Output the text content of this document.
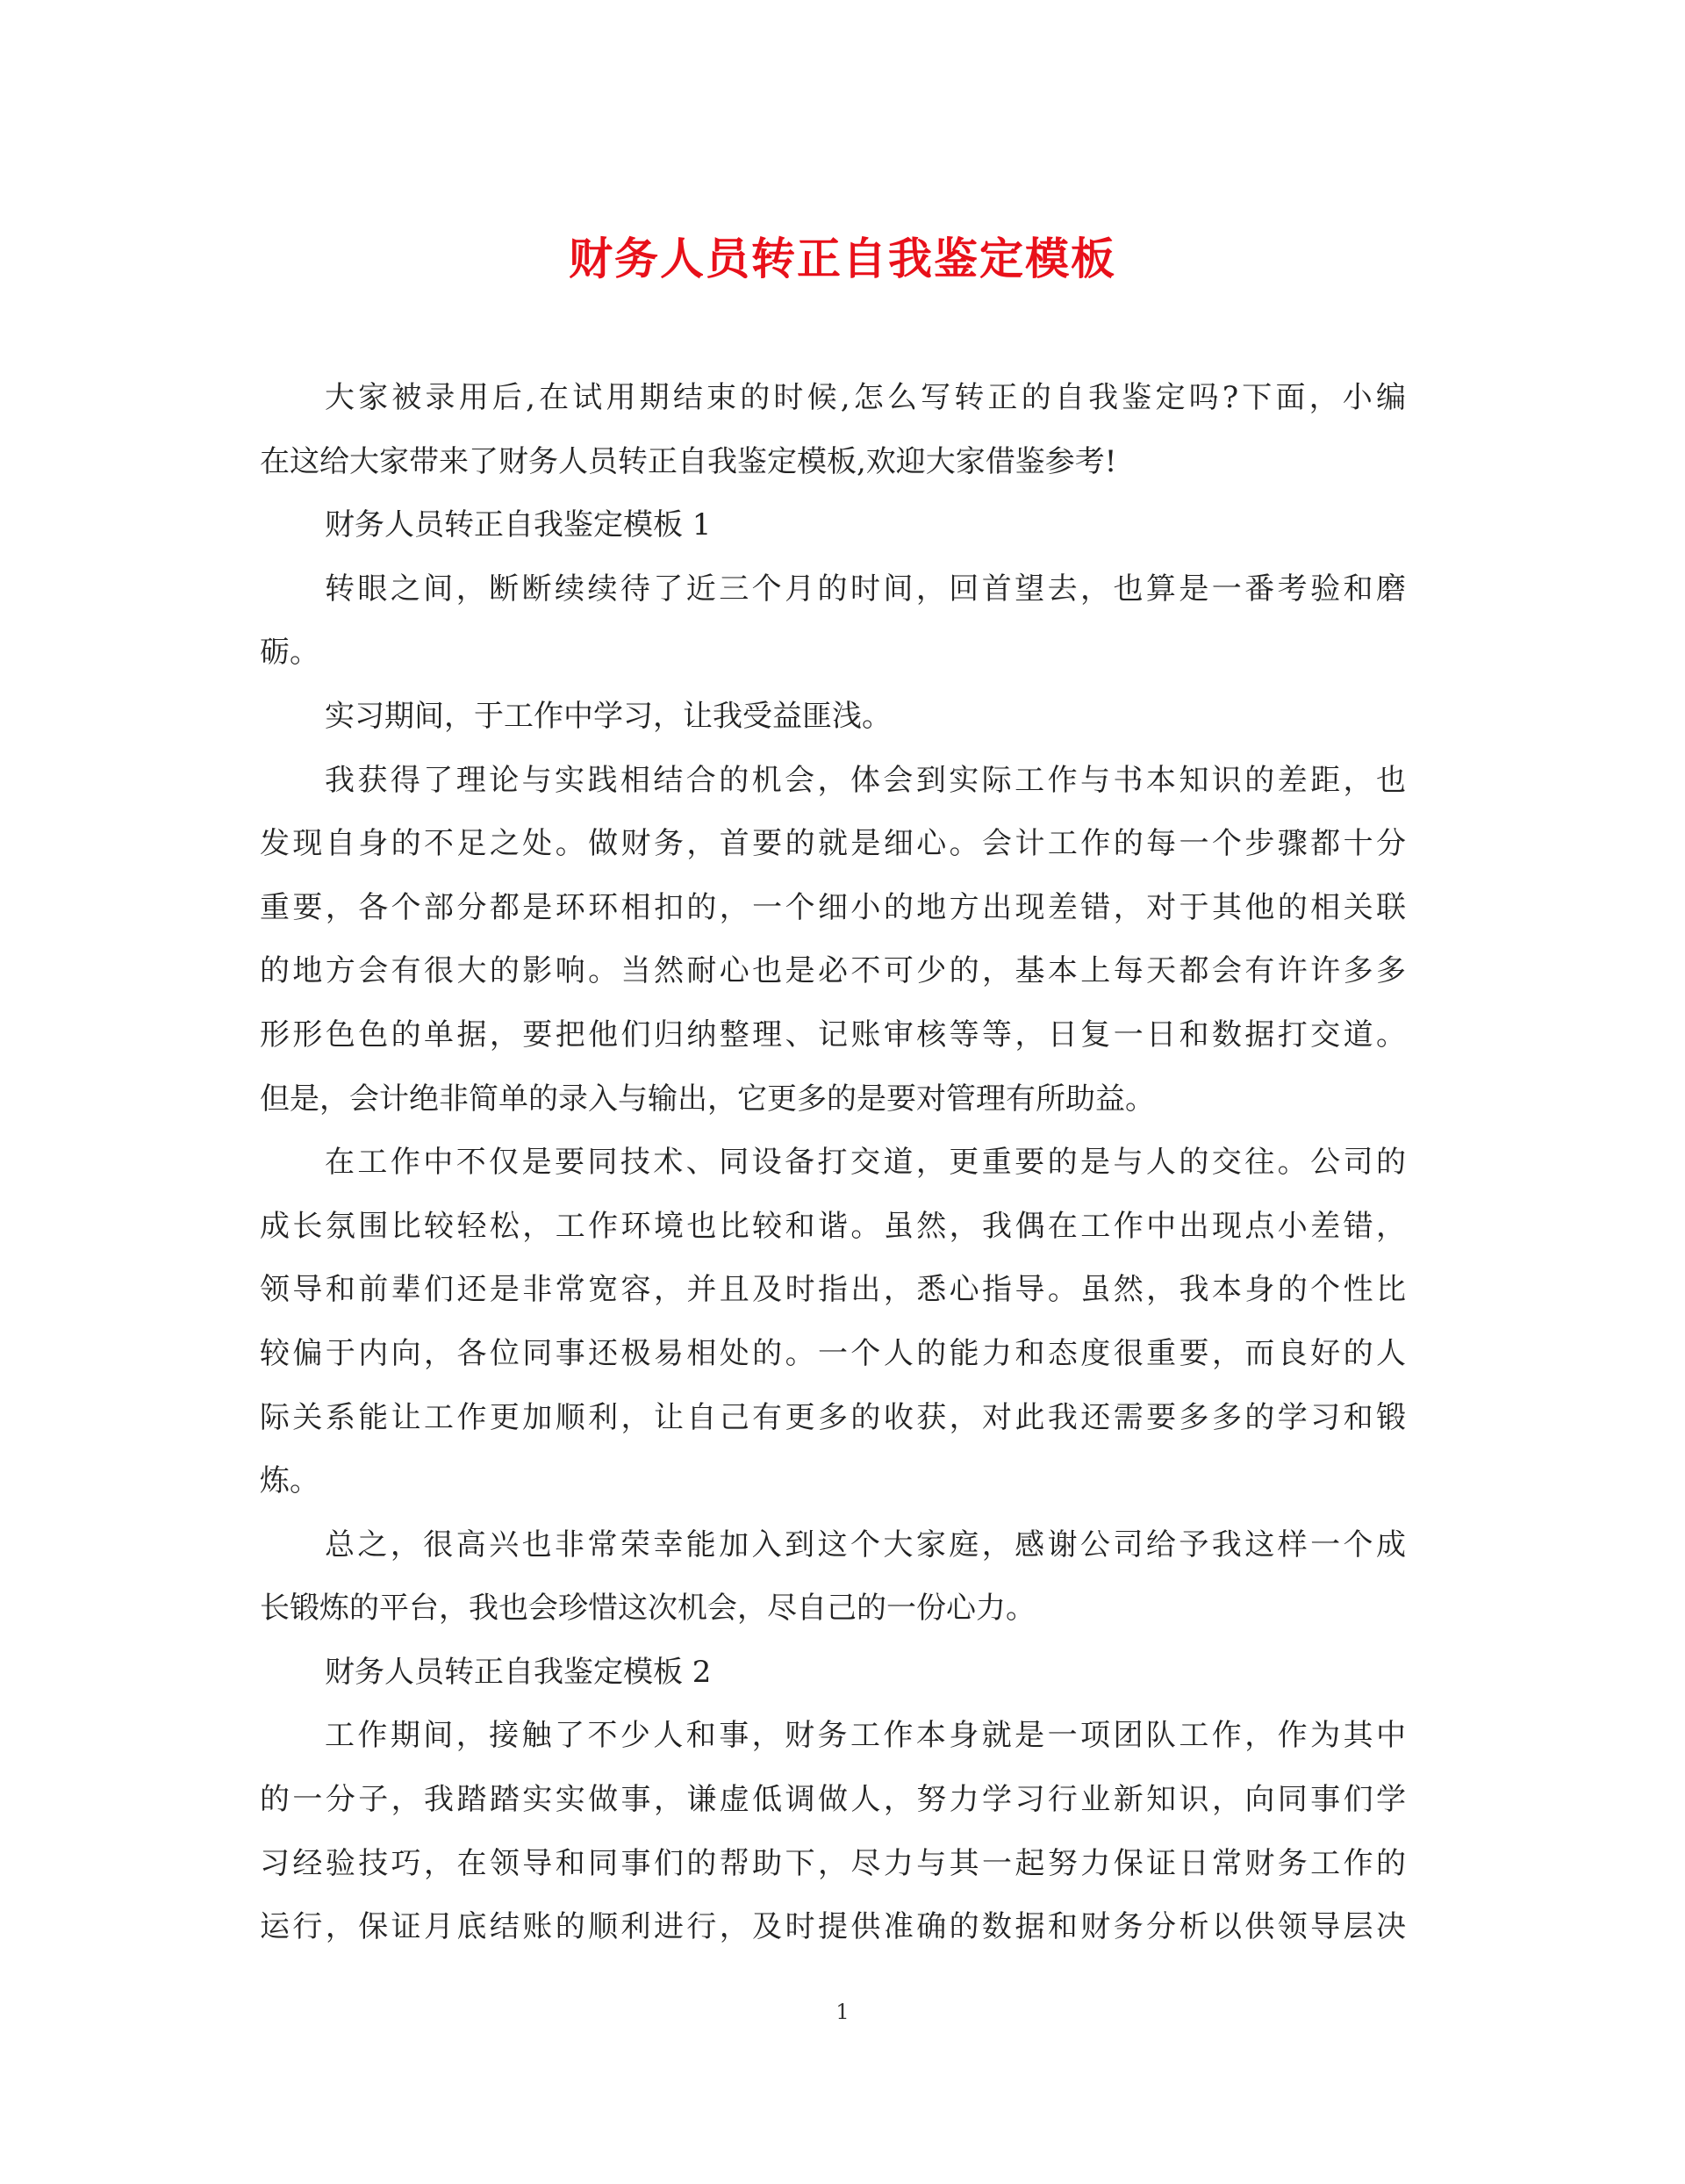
财务人员转正自我鉴定模板
大家被录用后,在试用期结束的时候,怎么写转正的自我鉴定吗?下面，小编
在这给大家带来了财务人员转正自我鉴定模板,欢迎大家借鉴参考!
财务人员转正自我鉴定模板 1
转眼之间，断断续续待了近三个月的时间，回首望去，也算是一番考验和磨
砺。
实习期间，于工作中学习，让我受益匪浅。
我获得了理论与实践相结合的机会，体会到实际工作与书本知识的差距，也
发现自身的不足之处。做财务，首要的就是细心。会计工作的每一个步骤都十分
重要，各个部分都是环环相扣的，一个细小的地方出现差错，对于其他的相关联
的地方会有很大的影响。当然耐心也是必不可少的，基本上每天都会有许许多多
形形色色的单据，要把他们归纳整理、记账审核等等，日复一日和数据打交道。
但是，会计绝非简单的录入与输出，它更多的是要对管理有所助益。
在工作中不仅是要同技术、同设备打交道，更重要的是与人的交往。公司的
成长氛围比较轻松，工作环境也比较和谐。虽然，我偶在工作中出现点小差错，
领导和前辈们还是非常宽容，并且及时指出，悉心指导。虽然，我本身的个性比
较偏于内向，各位同事还极易相处的。一个人的能力和态度很重要，而良好的人
际关系能让工作更加顺利，让自己有更多的收获，对此我还需要多多的学习和锻
炼。
总之，很高兴也非常荣幸能加入到这个大家庭，感谢公司给予我这样一个成
长锻炼的平台，我也会珍惜这次机会，尽自己的一份心力。
财务人员转正自我鉴定模板 2
工作期间，接触了不少人和事，财务工作本身就是一项团队工作，作为其中
的一分子，我踏踏实实做事，谦虚低调做人，努力学习行业新知识，向同事们学
习经验技巧，在领导和同事们的帮助下，尽力与其一起努力保证日常财务工作的
运行，保证月底结账的顺利进行，及时提供准确的数据和财务分析以供领导层决
1
